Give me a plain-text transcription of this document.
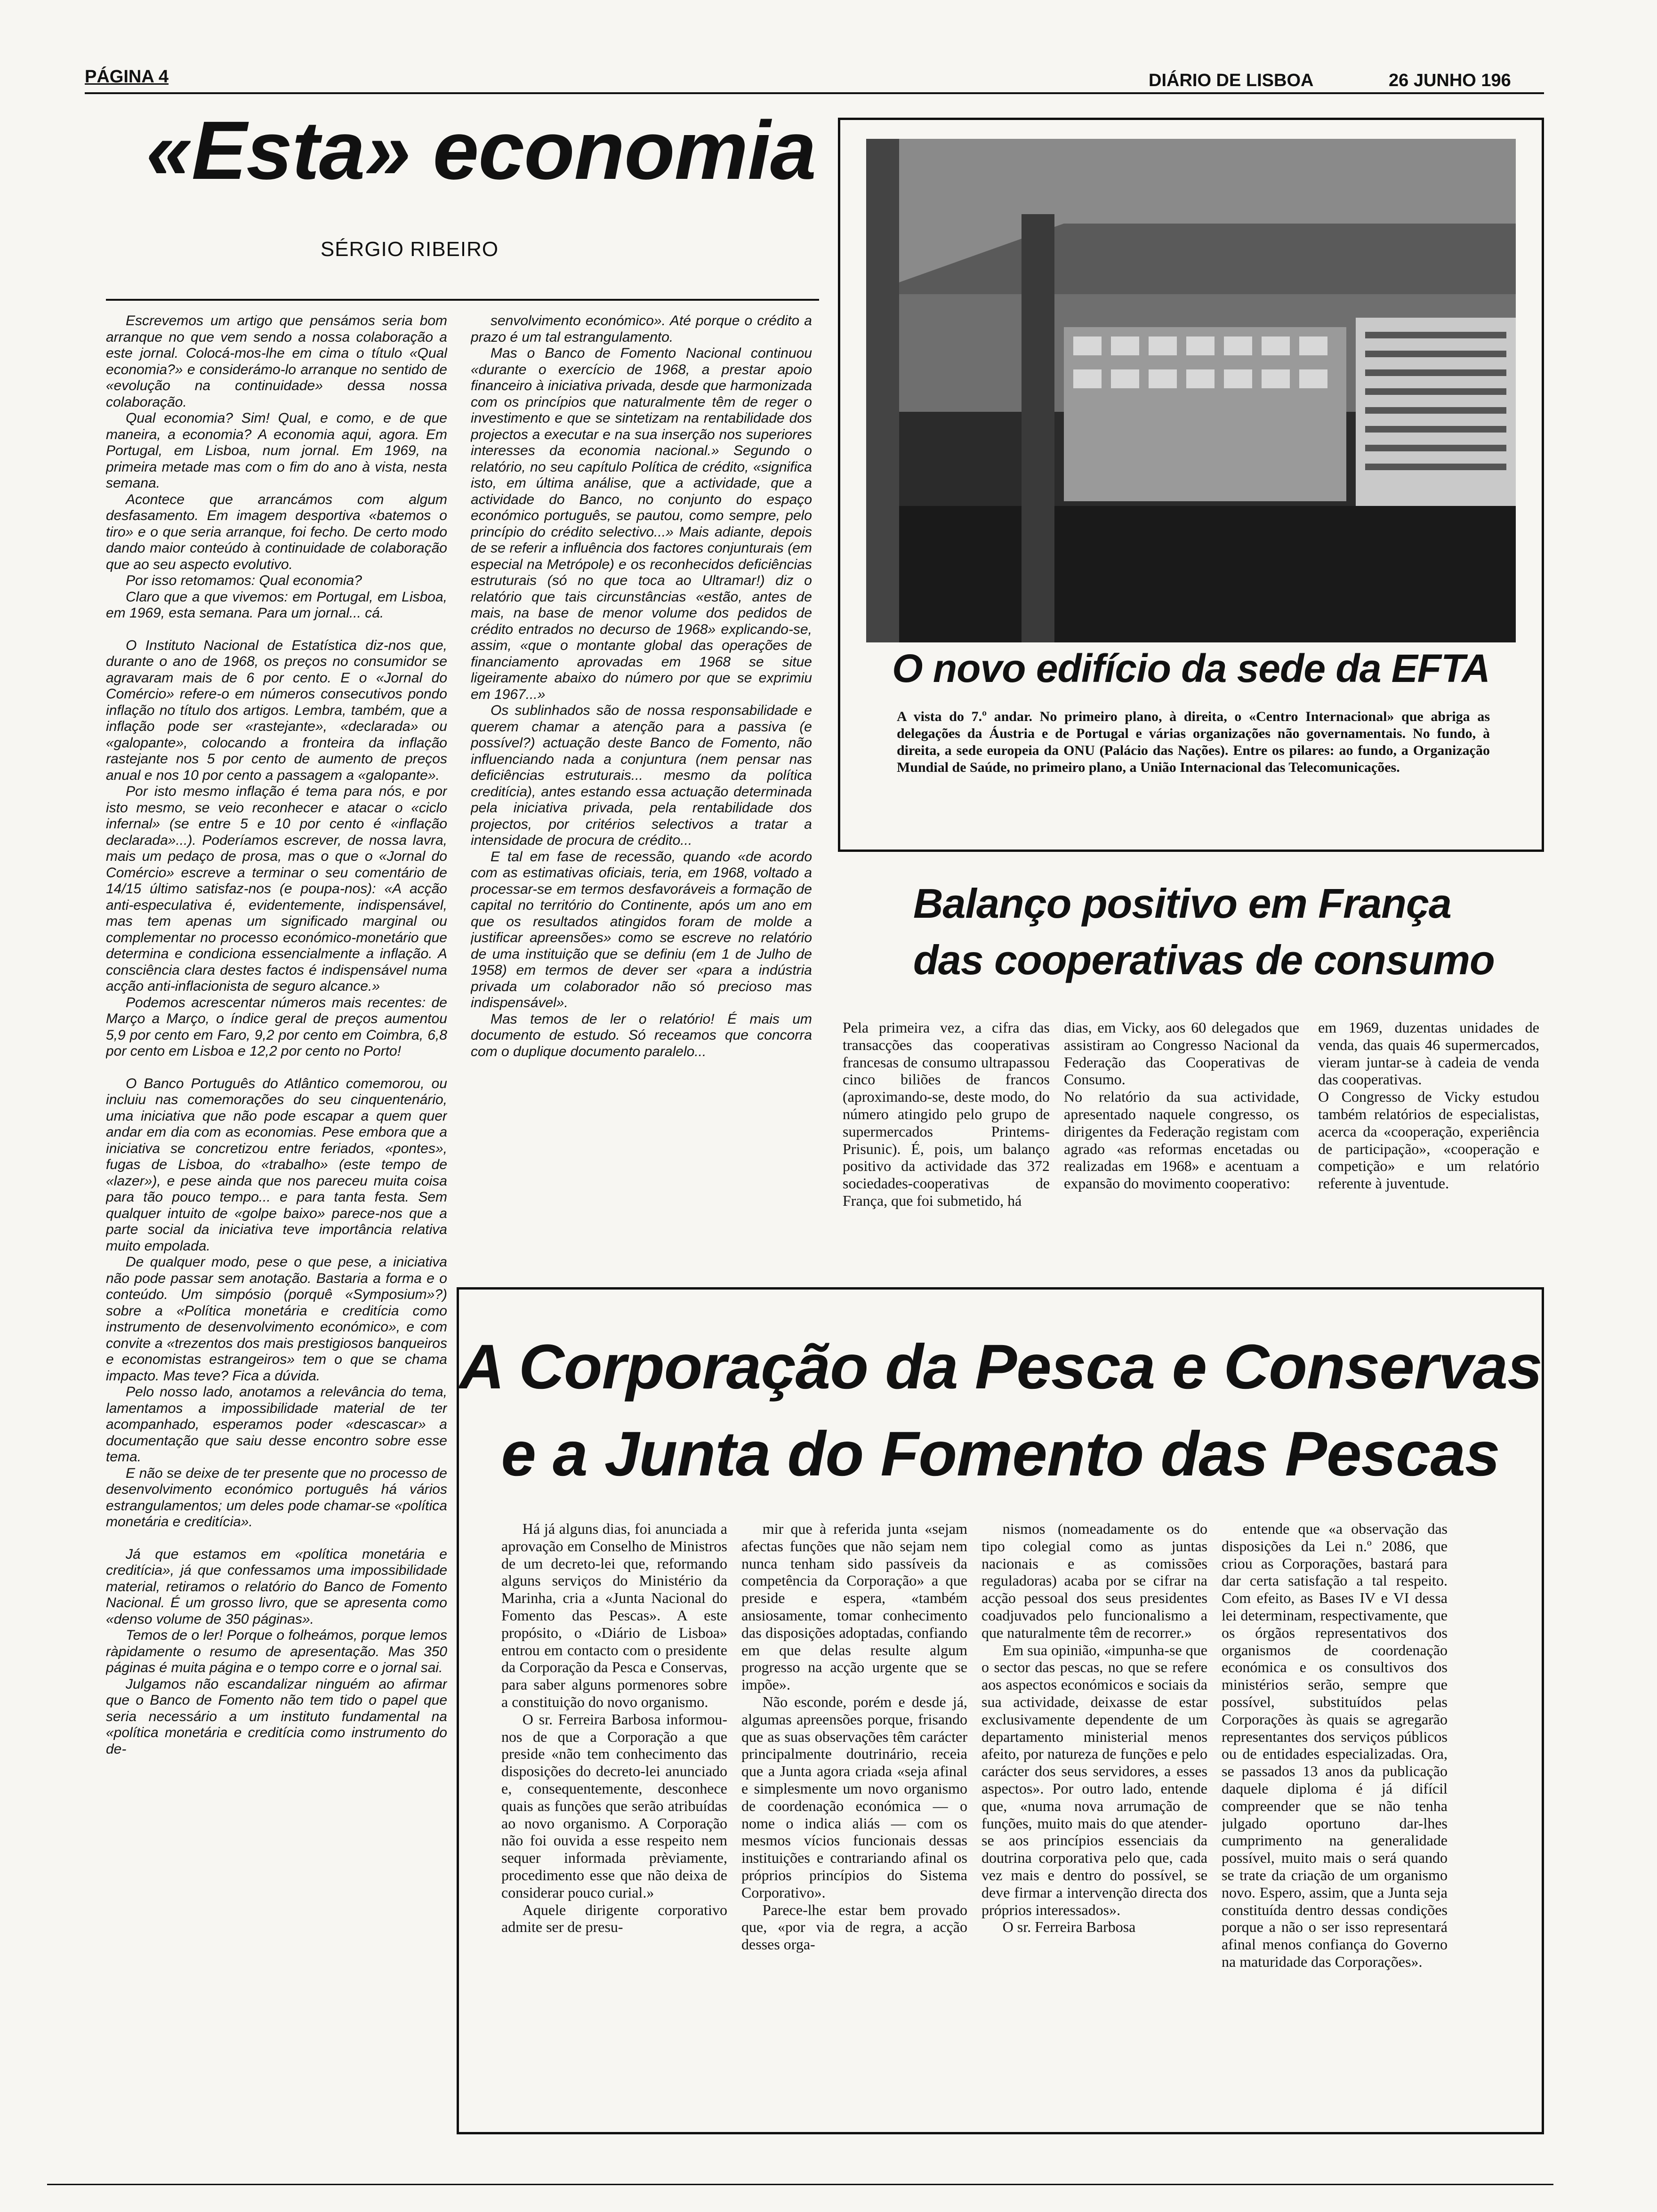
PÁGINA 4	DIÁRIO DE LISBOA	26 JUNHO 196
«Esta» economia
SÉRGIO RIBEIRO

Escrevemos um artigo que pensámos seria bom arranque no que vem sendo a nossa colaboração a este jornal. Colocá-mos-lhe em cima o título «Qual economia?» e considerámo-lo arranque no sentido de «evolução na continuidade» dessa nossa colaboração.

Qual economia? Sim! Qual, e como, e de que maneira, a economia? A economia aqui, agora. Em Portugal, em Lisboa, num jornal. Em 1969, na primeira metade mas com o fim do ano à vista, nesta semana.

Acontece que arrancámos com algum desfasamento. Em imagem desportiva «batemos o tiro» e o que seria arranque, foi fecho. De certo modo dando maior conteúdo à continuidade de colaboração que ao seu aspecto evolutivo.

Por isso retomamos: Qual economia?

Claro que a que vivemos: em Portugal, em Lisboa, em 1969, esta semana. Para um jornal... cá.

O Instituto Nacional de Estatística diz-nos que, durante o ano de 1968, os preços no consumidor se agravaram mais de 6 por cento. E o «Jornal do Comércio» refere-o em números consecutivos pondo inflação no título dos artigos. Lembra, também, que a inflação pode ser «rastejante», «declarada» ou «galopante», colocando a fronteira da inflação rastejante nos 5 por cento de aumento de preços anual e nos 10 por cento a passagem a «galopante».

Por isto mesmo inflação é tema para nós, e por isto mesmo, se veio reconhecer e atacar o «ciclo infernal» (se entre 5 e 10 por cento é «inflação declarada»...). Poderíamos escrever, de nossa lavra, mais um pedaço de prosa, mas o que o «Jornal do Comércio» escreve a terminar o seu comentário de 14/15 último satisfaz-nos (e poupa-nos): «A acção anti-especulativa é, evidentemente, indispensável, mas tem apenas um significado marginal ou complementar no processo económico-monetário que determina e condiciona essencialmente a inflação. A consciência clara destes factos é indispensável numa acção anti-inflacionista de seguro alcance.»

Podemos acrescentar números mais recentes: de Março a Março, o índice geral de preços aumentou 5,9 por cento em Faro, 9,2 por cento em Coimbra, 6,8 por cento em Lisboa e 12,2 por cento no Porto!

O Banco Português do Atlântico comemorou, ou incluiu nas comemorações do seu cinquentenário, uma iniciativa que não pode escapar a quem quer andar em dia com as economias. Pese embora que a iniciativa se concretizou entre feriados, «pontes», fugas de Lisboa, do «trabalho» (este tempo de «lazer»), e pese ainda que nos pareceu muita coisa para tão pouco tempo... e para tanta festa. Sem qualquer intuito de «golpe baixo» parece-nos que a parte social da iniciativa teve importância relativa muito empolada.

De qualquer modo, pese o que pese, a iniciativa não pode passar sem anotação. Bastaria a forma e o conteúdo. Um simpósio (porquê «Symposium»?) sobre a «Política monetária e creditícia como instrumento de desenvolvimento económico», e com convite a «trezentos dos mais prestigiosos banqueiros e economistas estrangeiros» tem o que se chama impacto. Mas teve? Fica a dúvida.

Pelo nosso lado, anotamos a relevância do tema, lamentamos a impossibilidade material de ter acompanhado, esperamos poder «descascar» a documentação que saiu desse encontro sobre esse tema.

E não se deixe de ter presente que no processo de desenvolvimento económico português há vários estrangulamentos; um deles pode chamar-se «política monetária e creditícia».

Já que estamos em «política monetária e creditícia», já que confessamos uma impossibilidade material, retiramos o relatório do Banco de Fomento Nacional. É um grosso livro, que se apresenta como «denso volume de 350 páginas».

Temos de o ler! Porque o folheámos, porque lemos ràpidamente o resumo de apresentação. Mas 350 páginas é muita página e o tempo corre e o jornal sai.

Julgamos não escandalizar ninguém ao afirmar que o Banco de Fomento não tem tido o papel que seria necessário a um instituto fundamental na «política monetária e creditícia como instrumento do de-

senvolvimento económico». Até porque o crédito a prazo é um tal estrangulamento.

Mas o Banco de Fomento Nacional continuou «durante o exercício de 1968, a prestar apoio financeiro à iniciativa privada, desde que harmonizada com os princípios que naturalmente têm de reger o investimento e que se sintetizam na rentabilidade dos projectos a executar e na sua inserção nos superiores interesses da economia nacional.» Segundo o relatório, no seu capítulo Política de crédito, «significa isto, em última análise, que a actividade, que a actividade do Banco, no conjunto do espaço económico português, se pautou, como sempre, pelo princípio do crédito selectivo...» Mais adiante, depois de se referir a influência dos factores conjunturais (em especial na Metrópole) e os reconhecidos deficiências estruturais (só no que toca ao Ultramar!) diz o relatório que tais circunstâncias «estão, antes de mais, na base de menor volume dos pedidos de crédito entrados no decurso de 1968» explicando-se, assim, «que o montante global das operações de financiamento aprovadas em 1968 se situe ligeiramente abaixo do número por que se exprimiu em 1967...»

Os sublinhados são de nossa responsabilidade e querem chamar a atenção para a passiva (e possível?) actuação deste Banco de Fomento, não influenciando nada a conjuntura (nem pensar nas deficiências estruturais... mesmo da política creditícia), antes estando essa actuação determinada pela iniciativa privada, pela rentabilidade dos projectos, por critérios selectivos a tratar a intensidade de procura de crédito...

E tal em fase de recessão, quando «de acordo com as estimativas oficiais, teria, em 1968, voltado a processar-se em termos desfavoráveis a formação de capital no território do Continente, após um ano em que os resultados atingidos foram de molde a justificar apreensões» como se escreve no relatório de uma instituição que se definiu (em 1 de Julho de 1958) em termos de dever ser «para a indústria privada um colaborador não só precioso mas indispensável».

Mas temos de ler o relatório! É mais um documento de estudo. Só receamos que concorra com o duplique documento paralelo...

O novo edifício da sede da EFTA
A vista do 7.º andar. No primeiro plano, à direita, o «Centro Internacional» que abriga as delegações da Áustria e de Portugal e várias organizações não governamentais. No fundo, à direita, a sede europeia da ONU (Palácio das Nações). Entre os pilares: ao fundo, a Organização Mundial de Saúde, no primeiro plano, a União Internacional das Telecomunicações.
Balanço positivo em França
das cooperativas de consumo
Pela primeira vez, a cifra das transacções das cooperativas francesas de consumo ultrapassou cinco biliões de francos (aproximando-se, deste modo, do número atingido pelo grupo de supermercados Printems-Prisunic). É, pois, um balanço positivo da actividade das 372 sociedades-cooperativas de França, que foi submetido, há
dias, em Vicky, aos 60 delegados que assistiram ao Congresso Nacional da Federação das Cooperativas de Consumo.
No relatório da sua actividade, apresentado naquele congresso, os dirigentes da Federação registam com agrado «as reformas encetadas ou realizadas em 1968» e acentuam a expansão do movimento cooperativo:
em 1969, duzentas unidades de venda, das quais 46 supermercados, vieram juntar-se à cadeia de venda das cooperativas.
O Congresso de Vicky estudou também relatórios de especialistas, acerca da «cooperação, experiência de participação», «cooperação e competição» e um relatório referente à juventude.
A Corporação da Pesca e Conservas
e a Junta do Fomento das Pescas

Há já alguns dias, foi anunciada a aprovação em Conselho de Ministros de um decreto-lei que, reformando alguns serviços do Ministério da Marinha, cria a «Junta Nacional do Fomento das Pescas». A este propósito, o «Diário de Lisboa» entrou em contacto com o presidente da Corporação da Pesca e Conservas, para saber alguns pormenores sobre a constituição do novo organismo.

O sr. Ferreira Barbosa informou-nos de que a Corporação a que preside «não tem conhecimento das disposições do decreto-lei anunciado e, consequentemente, desconhece quais as funções que serão atribuídas ao novo organismo. A Corporação não foi ouvida a esse respeito nem sequer informada prèviamente, procedimento esse que não deixa de considerar pouco curial.»

Aquele dirigente corporativo admite ser de presu-

mir que à referida junta «sejam afectas funções que não sejam nem nunca tenham sido passíveis da competência da Corporação» a que preside e espera, «também ansiosamente, tomar conhecimento das disposições adoptadas, confiando em que delas resulte algum progresso na acção urgente que se impõe».

Não esconde, porém e desde já, algumas apreensões porque, frisando que as suas observações têm carácter principalmente doutrinário, receia que a Junta agora criada «seja afinal e simplesmente um novo organismo de coordenação económica — o nome o indica aliás — com os mesmos vícios funcionais dessas instituições e contrariando afinal os próprios princípios do Sistema Corporativo».

Parece-lhe estar bem provado que, «por via de regra, a acção desses orga-

nismos (nomeadamente os do tipo colegial como as juntas nacionais e as comissões reguladoras) acaba por se cifrar na acção pessoal dos seus presidentes coadjuvados pelo funcionalismo a que naturalmente têm de recorrer.»

Em sua opinião, «impunha-se que o sector das pescas, no que se refere aos aspectos económicos e sociais da sua actividade, deixasse de estar exclusivamente dependente de um departamento ministerial menos afeito, por natureza de funções e pelo carácter dos seus servidores, a esses aspectos». Por outro lado, entende que, «numa nova arrumação de funções, muito mais do que atender-se aos princípios essenciais da doutrina corporativa pelo que, cada vez mais e dentro do possível, se deve firmar a intervenção directa dos próprios interessados».

O sr. Ferreira Barbosa

entende que «a observação das disposições da Lei n.º 2086, que criou as Corporações, bastará para dar certa satisfação a tal respeito. Com efeito, as Bases IV e VI dessa lei determinam, respectivamente, que os órgãos representativos dos organismos de coordenação económica e os consultivos dos ministérios serão, sempre que possível, substituídos pelas Corporações às quais se agregarão representantes dos serviços públicos ou de entidades especializadas. Ora, se passados 13 anos da publicação daquele diploma é já difícil compreender que se não tenha julgado oportuno dar-lhes cumprimento na generalidade possível, muito mais o será quando se trate da criação de um organismo novo. Espero, assim, que a Junta seja constituída dentro dessas condições porque a não o ser isso representará afinal menos confiança do Governo na maturidade das Corporações».
